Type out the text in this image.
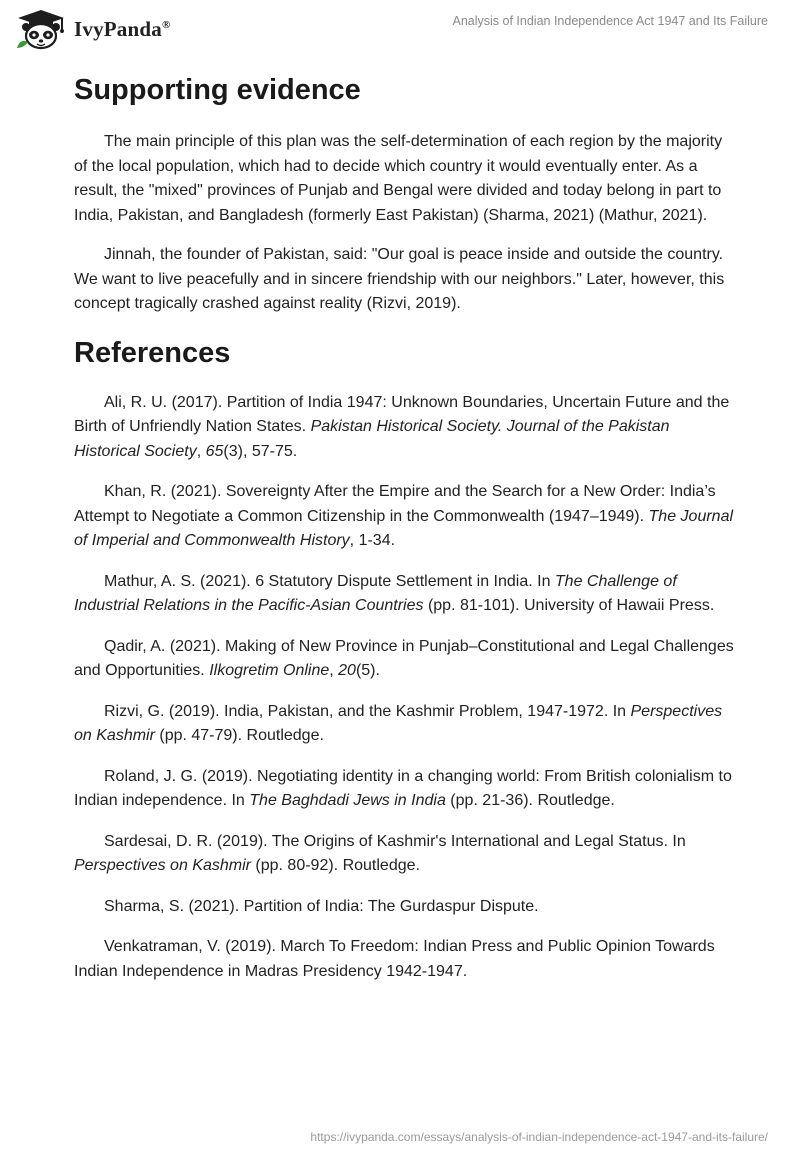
IvyPanda®	Analysis of Indian Independence Act 1947 and Its Failure
Supporting evidence

The main principle of this plan was the self-determination of each region by the majority of the local population, which had to decide which country it would eventually enter. As a result, the "mixed" provinces of Punjab and Bengal were divided and today belong in part to India, Pakistan, and Bangladesh (formerly East Pakistan) (Sharma, 2021) (Mathur, 2021).

Jinnah, the founder of Pakistan, said: "Our goal is peace inside and outside the country. We want to live peacefully and in sincere friendship with our neighbors." Later, however, this concept tragically crashed against reality (Rizvi, 2019).

References

Ali, R. U. (2017). Partition of India 1947: Unknown Boundaries, Uncertain Future and the Birth of Unfriendly Nation States. Pakistan Historical Society. Journal of the Pakistan Historical Society, 65(3), 57-75.

Khan, R. (2021). Sovereignty After the Empire and the Search for a New Order: India’s Attempt to Negotiate a Common Citizenship in the Commonwealth (1947–1949). The Journal of Imperial and Commonwealth History, 1-34.

Mathur, A. S. (2021). 6 Statutory Dispute Settlement in India. In The Challenge of Industrial Relations in the Pacific-Asian Countries (pp. 81-101). University of Hawaii Press.

Qadir, A. (2021). Making of New Province in Punjab–Constitutional and Legal Challenges and Opportunities. Ilkogretim Online, 20(5).

Rizvi, G. (2019). India, Pakistan, and the Kashmir Problem, 1947-1972. In Perspectives on Kashmir (pp. 47-79). Routledge.

Roland, J. G. (2019). Negotiating identity in a changing world: From British colonialism to Indian independence. In The Baghdadi Jews in India (pp. 21-36). Routledge.

Sardesai, D. R. (2019). The Origins of Kashmir's International and Legal Status. In Perspectives on Kashmir (pp. 80-92). Routledge.

Sharma, S. (2021). Partition of India: The Gurdaspur Dispute.

Venkatraman, V. (2019). March To Freedom: Indian Press and Public Opinion Towards Indian Independence in Madras Presidency 1942-1947.

https://ivypanda.com/essays/analysis-of-indian-independence-act-1947-and-its-failure/
